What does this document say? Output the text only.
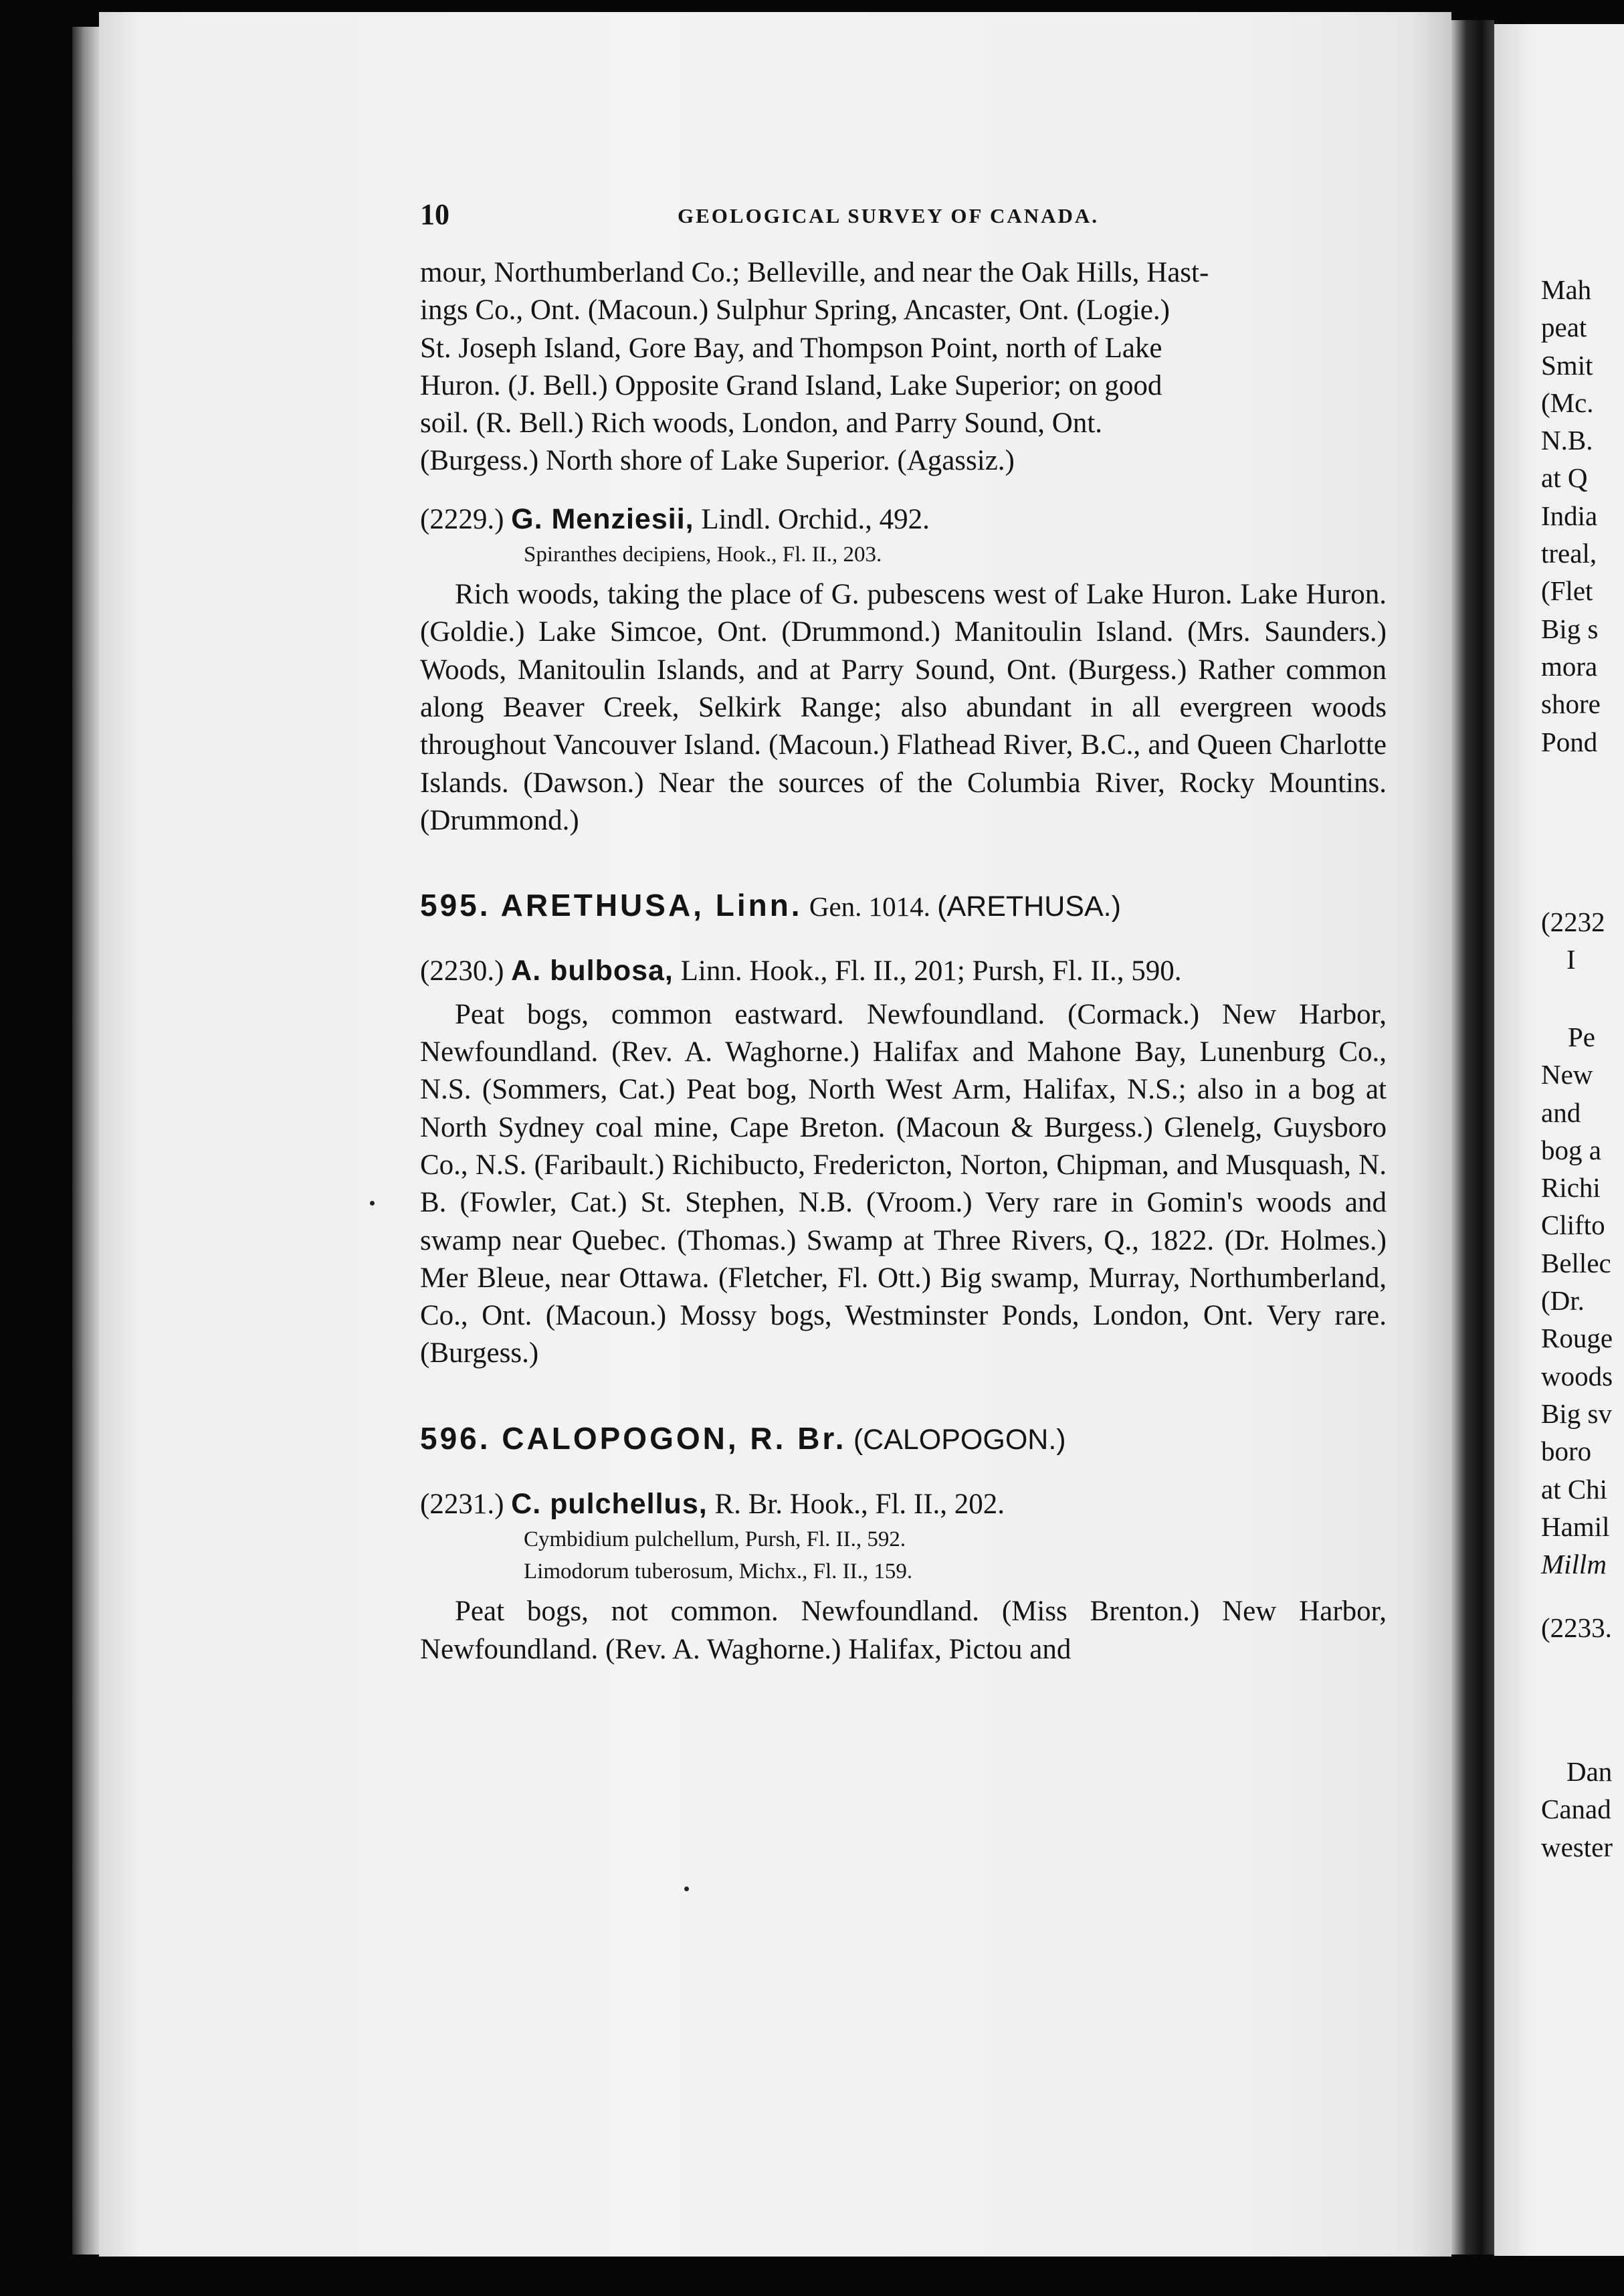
10	GEOLOGICAL SURVEY OF CANADA.

mour, Northumberland Co.; Belleville, and near the Oak Hills, Hast-

ings Co., Ont. (Macoun.) Sulphur Spring, Ancaster, Ont. (Logie.)

St. Joseph Island, Gore Bay, and Thompson Point, north of Lake

Huron. (J. Bell.) Opposite Grand Island, Lake Superior; on good

soil. (R. Bell.) Rich woods, London, and Parry Sound, Ont.

(Burgess.) North shore of Lake Superior. (Agassiz.)

(2229.) G. Menziesii, Lindl. Orchid., 492.

Spiranthes decipiens, Hook., Fl. II., 203.

Rich woods, taking the place of G. pubescens west of Lake Huron. Lake Huron. (Goldie.) Lake Simcoe, Ont. (Drummond.) Manitoulin Island. (Mrs. Saunders.) Woods, Manitoulin Islands, and at Parry Sound, Ont. (Burgess.) Rather common along Beaver Creek, Selkirk Range; also abundant in all evergreen woods throughout Vancouver Island. (Macoun.) Flathead River, B.C., and Queen Charlotte Islands. (Dawson.) Near the sources of the Columbia River, Rocky Mountins. (Drummond.)

595. ARETHUSA, Linn. Gen. 1014. (ARETHUSA.)

(2230.) A. bulbosa, Linn. Hook., Fl. II., 201; Pursh, Fl. II., 590.

Peat bogs, common eastward. Newfoundland. (Cormack.) New Harbor, Newfoundland. (Rev. A. Waghorne.) Halifax and Mahone Bay, Lunenburg Co., N.S. (Sommers, Cat.) Peat bog, North West Arm, Halifax, N.S.; also in a bog at North Sydney coal mine, Cape Breton. (Macoun & Burgess.) Glenelg, Guysboro Co., N.S. (Faribault.) Richibucto, Fredericton, Norton, Chipman, and Musquash, N. B. (Fowler, Cat.) St. Stephen, N.B. (Vroom.) Very rare in Gomin's woods and swamp near Quebec. (Thomas.) Swamp at Three Rivers, Q., 1822. (Dr. Holmes.) Mer Bleue, near Ottawa. (Fletcher, Fl. Ott.) Big swamp, Murray, Northumberland, Co., Ont. (Macoun.) Mossy bogs, Westminster Ponds, London, Ont. Very rare. (Burgess.)

596. CALOPOGON, R. Br. (CALOPOGON.)

(2231.) C. pulchellus, R. Br. Hook., Fl. II., 202.

Cymbidium pulchellum, Pursh, Fl. II., 592.

Limodorum tuberosum, Michx., Fl. II., 159.

Peat bogs, not common. Newfoundland. (Miss Brenton.) New Harbor, Newfoundland. (Rev. A. Waghorne.) Halifax, Pictou and

Mah
peat
Smit
(Mc.
N.B.
at Q
India
treal,
(Flet
Big s
mora
shore
Pond
(2232
I
Pe
New
and
bog a
Richi
Clifto
Bellec
(Dr.
Rouge
woods
Big sv
boro
at Chi
Hamil
Millm
(2233.
Dan
Canad
wester
